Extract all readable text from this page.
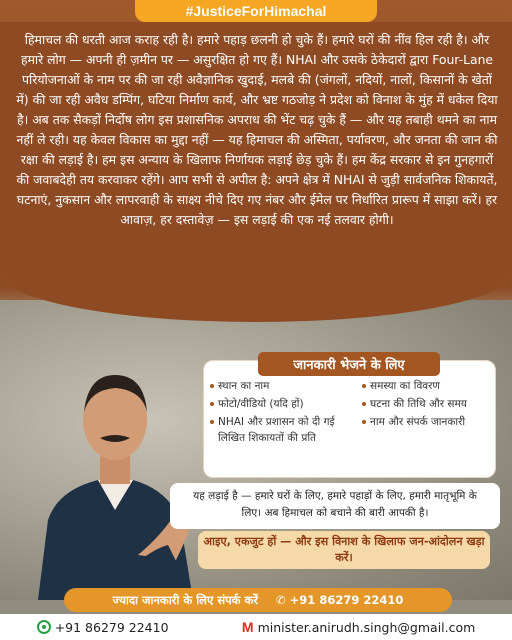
#JusticeForHimachal
हिमाचल की धरती आज कराह रही है। हमारे पहाड़ छलनी हो चुके हैं। हमारे घरों की नींव हिल रही है। और हमारे लोग — अपनी ही ज़मीन पर — असुरक्षित हो गए हैं। NHAI और उसके ठेकेदारों द्वारा Four-Lane परियोजनाओं के नाम पर की जा रही अवैज्ञानिक खुदाई, मलबे की (जंगलों, नदियों, नालों, किसानों के खेतों में) की जा रही अवैध डम्पिंग, घटिया निर्माण कार्य, और भ्रष्ट गठजोड़ ने प्रदेश को विनाश के मुंह में धकेल दिया है। अब तक सैकड़ों निर्दोष लोग इस प्रशासनिक अपराध की भेंट चढ़ चुके हैं — और यह तबाही थमने का नाम नहीं ले रही। यह केवल विकास का मुद्दा नहीं — यह हिमाचल की अस्मिता, पर्यावरण, और जनता की जान की रक्षा की लड़ाई है। हम इस अन्याय के खिलाफ निर्णायक लड़ाई छेड़ चुके हैं। हम केंद्र सरकार से इन गुनहगारों की जवाबदेही तय करवाकर रहेंगे। आप सभी से अपील है: अपने क्षेत्र में NHAI से जुड़ी सार्वजनिक शिकायतें, घटनाएं, नुकसान और लापरवाही के साक्ष्य नीचे दिए गए नंबर और ईमेल पर निर्धारित प्रारूप में साझा करें। हर आवाज़, हर दस्तावेज़ — इस लड़ाई की एक नई तलवार होगी।
जानकारी भेजने के लिए
स्थान का नाम	समस्या का विवरण
फोटो/वीडियो (यदि हों)	घटना की तिथि और समय
NHAI और प्रशासन को दी गई लिखित शिकायतों की प्रति
नाम और संपर्क जानकारी
यह लड़ाई है — हमारे घरों के लिए, हमारे पहाड़ों के लिए, हमारी मातृभूमि के लिए। अब हिमाचल को बचाने की बारी आपकी है।
आइए, एकजुट हों — और इस विनाश के खिलाफ जन-आंदोलन खड़ा करें।
ज्यादा जानकारी के लिए संपर्क करें ✆ +91 86279 22410
+91 86279 22410	M minister.anirudh.singh@gmail.com
